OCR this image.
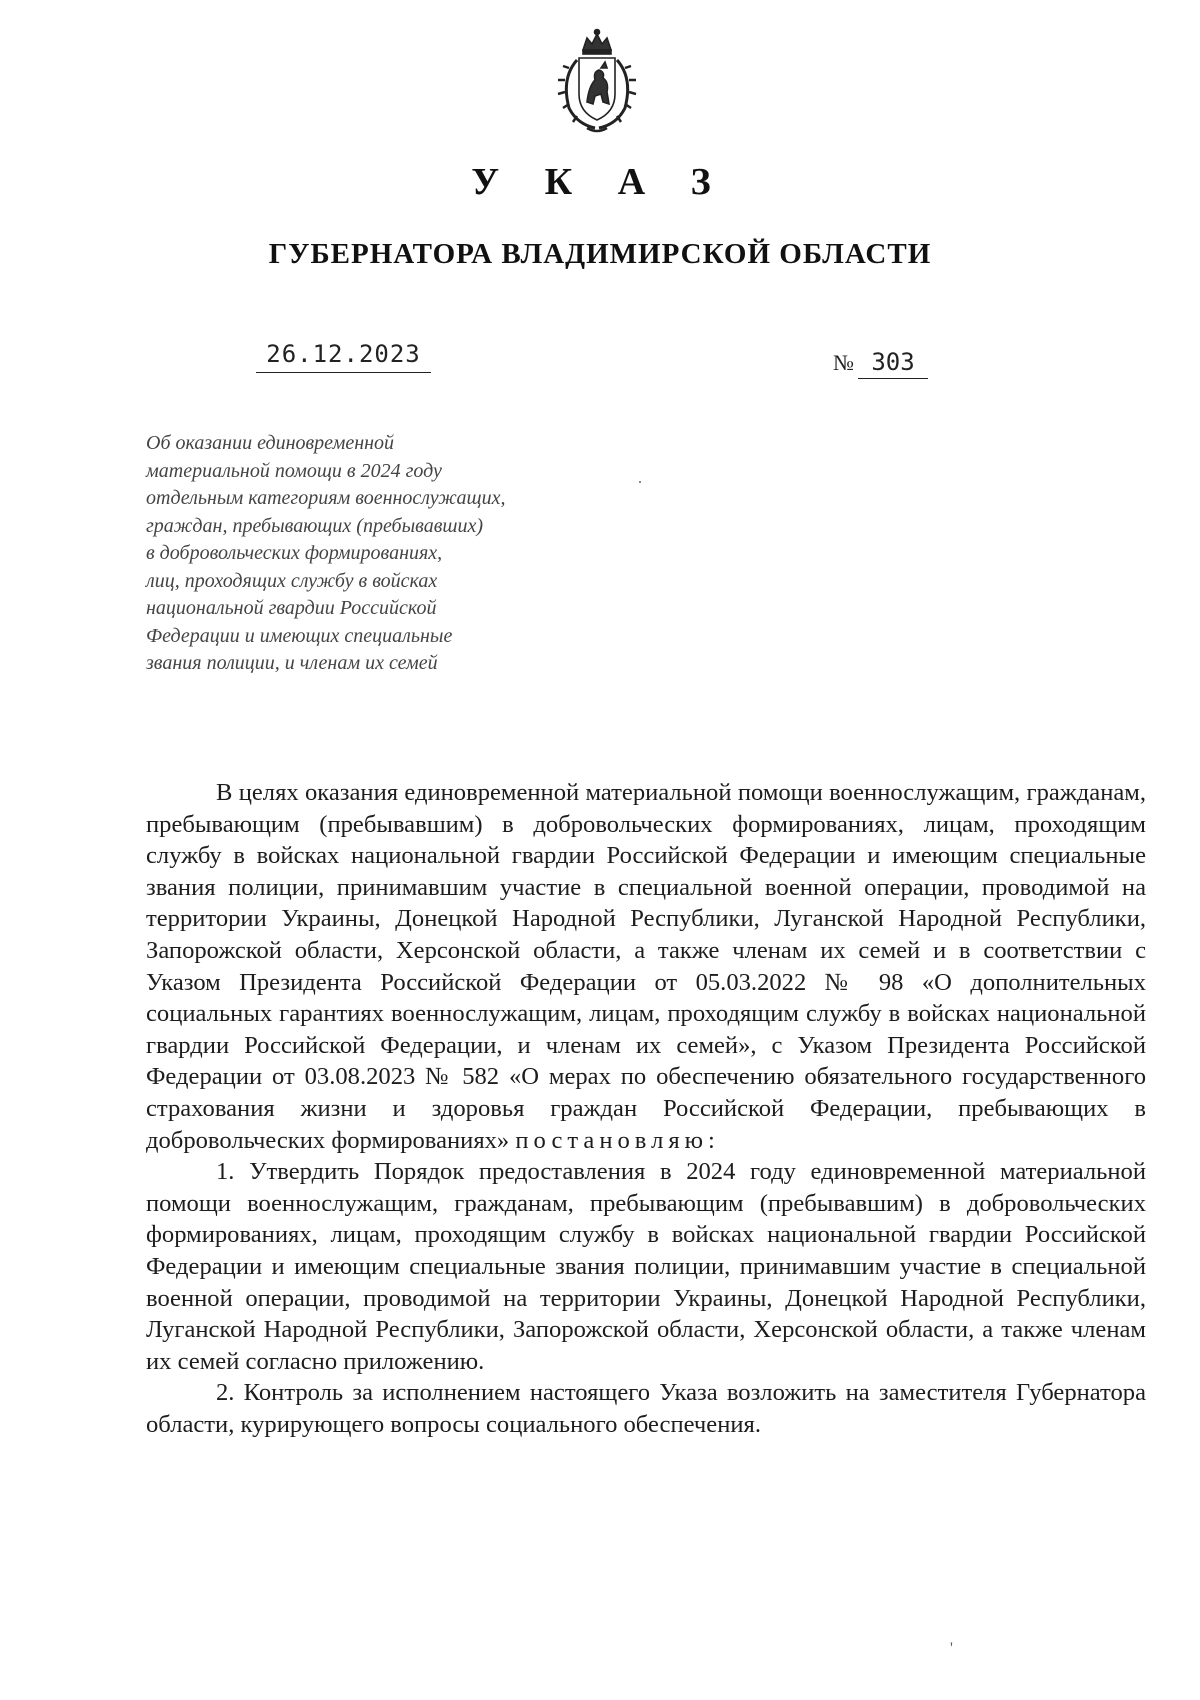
У К А З
ГУБЕРНАТОРА ВЛАДИМИРСКОЙ ОБЛАСТИ
26.12.2023	№ 303
Об оказании единовременной
материальной помощи в 2024 году
отдельным категориям военнослужащих,
граждан, пребывающих (пребывавших)
в добровольческих формированиях,
лиц, проходящих службу в войсках
национальной гвардии Российской
Федерации и имеющих специальные
звания полиции, и членам их семей

В целях оказания единовременной материальной помощи военнослужащим, гражданам, пребывающим (пребывавшим) в добровольческих формированиях, лицам, проходящим службу в войсках национальной гвардии Российской Федерации и имеющим специальные звания полиции, принимавшим участие в специальной военной операции, проводимой на территории Украины, Донецкой Народной Республики, Луганской Народной Республики, Запорожской области, Херсонской области, а также членам их семей и в соответствии с Указом Президента Российской Федерации от 05.03.2022 № 98 «О дополнительных социальных гарантиях военнослужащим, лицам, проходящим службу в войсках национальной гвардии Российской Федерации, и членам их семей», с Указом Президента Российской Федерации от 03.08.2023 № 582 «О мерах по обеспечению обязательного государственного страхования жизни и здоровья граждан Российской Федерации, пребывающих в добровольческих формированиях» постановляю:

1. Утвердить Порядок предоставления в 2024 году единовременной материальной помощи военнослужащим, гражданам, пребывающим (пребывавшим) в добровольческих формированиях, лицам, проходящим службу в войсках национальной гвардии Российской Федерации и имеющим специальные звания полиции, принимавшим участие в специальной военной операции, проводимой на территории Украины, Донецкой Народной Республики, Луганской Народной Республики, Запорожской области, Херсонской области, а также членам их семей согласно приложению.

2. Контроль за исполнением настоящего Указа возложить на заместителя Губернатора области, курирующего вопросы социального обеспечения.

.
'
